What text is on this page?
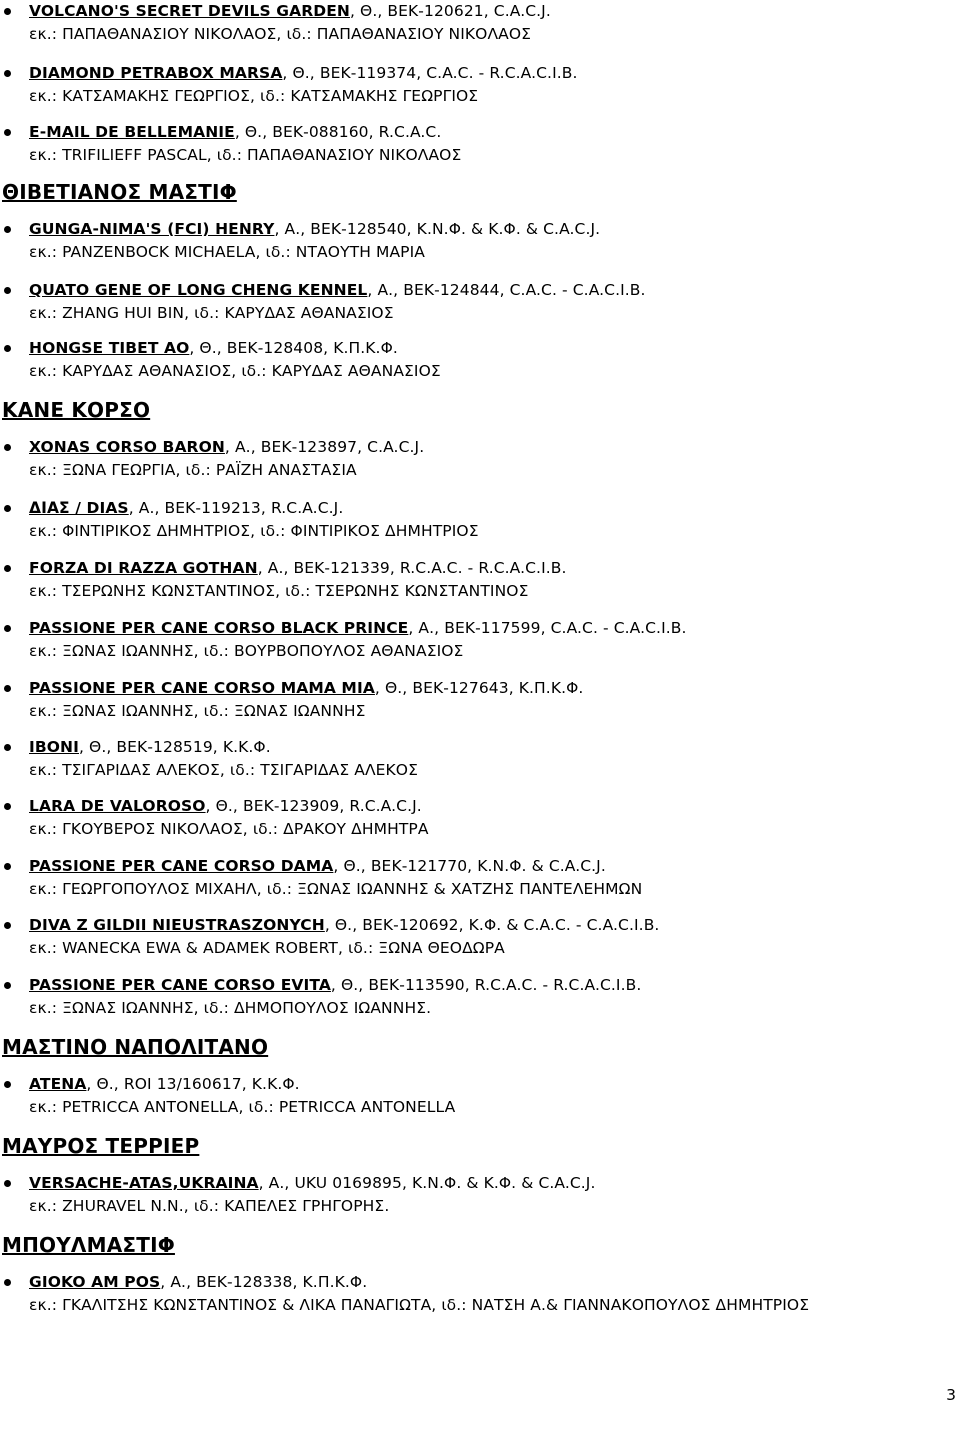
VOLCANO'S SECRET DEVILS GARDEN, Θ., ΒΕΚ-120621, C.A.C.J.
εκ.: ΠΑΠΑΘΑΝΑΣΙΟΥ ΝΙΚΟΛΑΟΣ, ιδ.: ΠΑΠΑΘΑΝΑΣΙΟΥ ΝΙΚΟΛΑΟΣ
DIAMOND PETRABOX MARSA, Θ., ΒΕΚ-119374, C.A.C. - R.C.A.C.I.B.
εκ.: ΚΑΤΣΑΜΑΚΗΣ ΓΕΩΡΓΙΟΣ, ιδ.: ΚΑΤΣΑΜΑΚΗΣ ΓΕΩΡΓΙΟΣ
E-MAIL DE BELLEMANIE, Θ., ΒΕΚ-088160, R.C.A.C.
εκ.: TRIFILIEFF PASCAL, ιδ.: ΠΑΠΑΘΑΝΑΣΙΟΥ ΝΙΚΟΛΑΟΣ
ΘΙΒΕΤΙΑΝΟΣ ΜΑΣΤΙΦ
GUNGA-NIMA'S (FCI) HENRY, Α., ΒΕΚ-128540, Κ.Ν.Φ. & Κ.Φ. & C.A.C.J.
εκ.: PANZENBOCK MICHAELA, ιδ.: ΝΤΑΟΥΤΗ ΜΑΡΙΑ
QUATO GENE OF LONG CHENG KENNEL, Α., ΒΕΚ-124844, C.A.C. - C.A.C.I.B.
εκ.: ZHANG HUI BIN, ιδ.: ΚΑΡΥΔΑΣ ΑΘΑΝΑΣΙΟΣ
HONGSE TIBET AO, Θ., ΒΕΚ-128408, Κ.Π.Κ.Φ.
εκ.: ΚΑΡΥΔΑΣ ΑΘΑΝΑΣΙΟΣ, ιδ.: ΚΑΡΥΔΑΣ ΑΘΑΝΑΣΙΟΣ
ΚΑΝΕ ΚΟΡΣΟ
XONAS CORSO BARON, Α., ΒΕΚ-123897, C.A.C.J.
εκ.: ΞΩΝΑ ΓΕΩΡΓΙΑ, ιδ.: ΡΑΪΖΗ ΑΝΑΣΤΑΣΙΑ
ΔΙΑΣ / DIAS, Α., ΒΕΚ-119213, R.C.A.C.J.
εκ.: ΦΙΝΤΙΡΙΚΟΣ ΔΗΜΗΤΡΙΟΣ, ιδ.: ΦΙΝΤΙΡΙΚΟΣ ΔΗΜΗΤΡΙΟΣ
FORZA DI RAZZA GOTHAN, Α., ΒΕΚ-121339, R.C.A.C. - R.C.A.C.I.B.
εκ.: ΤΣΕΡΩΝΗΣ ΚΩΝΣΤΑΝΤΙΝΟΣ, ιδ.: ΤΣΕΡΩΝΗΣ ΚΩΝΣΤΑΝΤΙΝΟΣ
PASSIONE PER CANE CORSO BLACK PRINCE, Α., ΒΕΚ-117599, C.A.C. - C.A.C.I.B.
εκ.: ΞΩΝΑΣ ΙΩΑΝΝΗΣ, ιδ.: ΒΟΥΡΒΟΠΟΥΛΟΣ ΑΘΑΝΑΣΙΟΣ
PASSIONE PER CANE CORSO MAMA MIA, Θ., ΒΕΚ-127643, Κ.Π.Κ.Φ.
εκ.: ΞΩΝΑΣ ΙΩΑΝΝΗΣ, ιδ.: ΞΩΝΑΣ ΙΩΑΝΝΗΣ
IBONI, Θ., ΒΕΚ-128519, Κ.Κ.Φ.
εκ.: ΤΣΙΓΑΡΙΔΑΣ ΑΛΕΚΟΣ, ιδ.: ΤΣΙΓΑΡΙΔΑΣ ΑΛΕΚΟΣ
LARA DE VALOROSO, Θ., ΒΕΚ-123909, R.C.A.C.J.
εκ.: ΓΚΟΥΒΕΡΟΣ ΝΙΚΟΛΑΟΣ, ιδ.: ΔΡΑΚΟΥ ΔΗΜΗΤΡΑ
PASSIONE PER CANE CORSO DAMA, Θ., ΒΕΚ-121770, Κ.Ν.Φ. & C.A.C.J.
εκ.: ΓΕΩΡΓΟΠΟΥΛΟΣ ΜΙΧΑΗΛ, ιδ.: ΞΩΝΑΣ ΙΩΑΝΝΗΣ & ΧΑΤΖΗΣ ΠΑΝΤΕΛΕΗΜΩΝ
DIVA Z GILDII NIEUSTRASZONYCH, Θ., ΒΕΚ-120692, Κ.Φ. & C.A.C. - C.A.C.I.B.
εκ.: WANECKA EWA & ADAMEK ROBERT, ιδ.: ΞΩΝΑ ΘΕΟΔΩΡΑ
PASSIONE PER CANE CORSO EVITA, Θ., ΒΕΚ-113590, R.C.A.C. - R.C.A.C.I.B.
εκ.: ΞΩΝΑΣ ΙΩΑΝΝΗΣ, ιδ.: ΔΗΜΟΠΟΥΛΟΣ ΙΩΑΝΝΗΣ.
ΜΑΣΤΙΝΟ ΝΑΠΟΛΙΤΑΝΟ
ATENA, Θ., ROI 13/160617, Κ.Κ.Φ.
εκ.: PETRICCA ANTONELLA, ιδ.: PETRICCA ANTONELLA
ΜΑΥΡΟΣ ΤΕΡΡΙΕΡ
VERSACHE-ATAS,UKRAINA, Α., UKU 0169895, Κ.Ν.Φ. & Κ.Φ. & C.A.C.J.
εκ.: ZHURAVEL N.N., ιδ.: ΚΑΠΕΛΕΣ ΓΡΗΓΟΡΗΣ.
ΜΠΟΥΛΜΑΣΤΙΦ
GIOKO AM POS, Α., ΒΕΚ-128338, Κ.Π.Κ.Φ.
εκ.: ΓΚΑΛΙΤΣΗΣ ΚΩΝΣΤΑΝΤΙΝΟΣ & ΛΙΚΑ ΠΑΝΑΓΙΩΤΑ, ιδ.: ΝΑΤΣΗ Α.& ΓΙΑΝΝΑΚΟΠΟΥΛΟΣ ΔΗΜΗΤΡΙΟΣ
3
